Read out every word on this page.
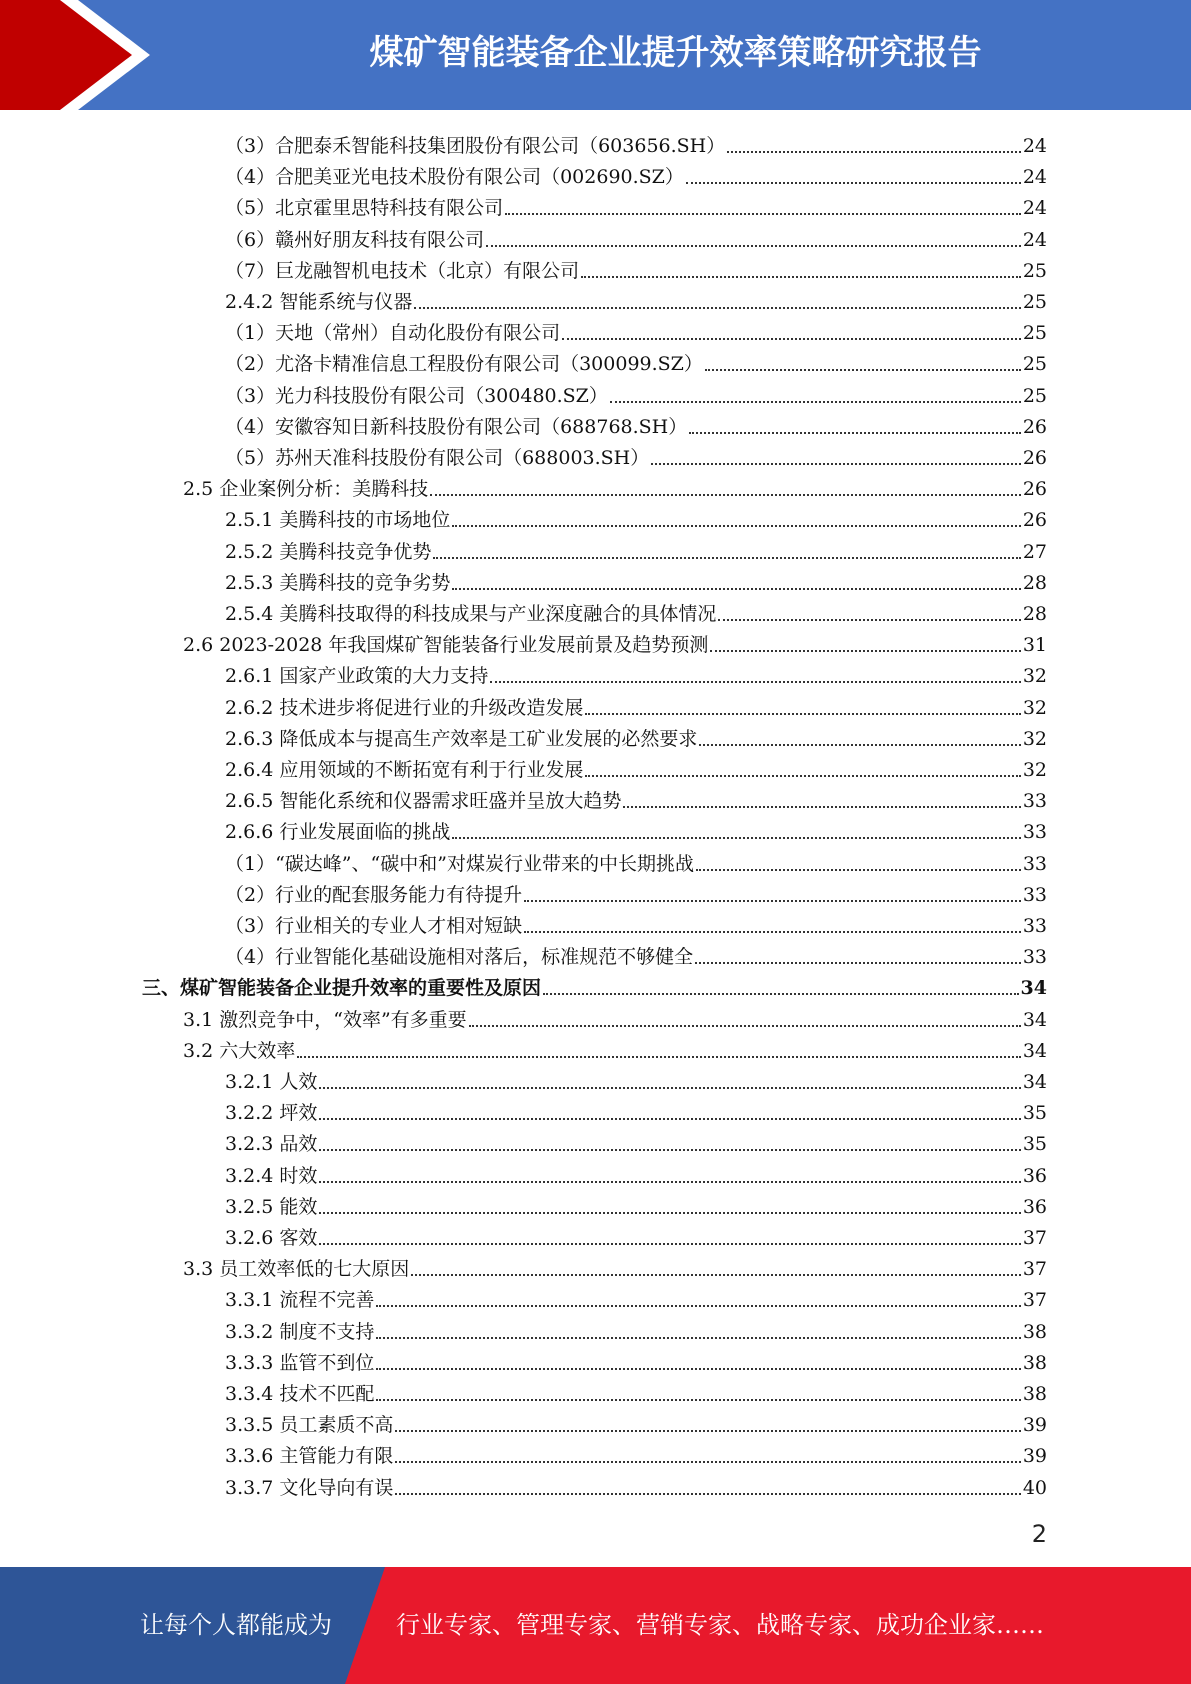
煤矿智能装备企业提升效率策略研究报告
（3）合肥泰禾智能科技集团股份有限公司（603656.SH）	24
（4）合肥美亚光电技术股份有限公司（002690.SZ）	24
（5）北京霍里思特科技有限公司	24
（6）赣州好朋友科技有限公司	24
（7）巨龙融智机电技术（北京）有限公司	25
2.4.2 智能系统与仪器	25
（1）天地（常州）自动化股份有限公司	25
（2）尤洛卡精准信息工程股份有限公司（300099.SZ）	25
（3）光力科技股份有限公司（300480.SZ）	25
（4）安徽容知日新科技股份有限公司（688768.SH）	26
（5）苏州天准科技股份有限公司（688003.SH）	26
2.5 企业案例分析：美腾科技	26
2.5.1 美腾科技的市场地位	26
2.5.2 美腾科技竞争优势	27
2.5.3 美腾科技的竞争劣势	28
2.5.4 美腾科技取得的科技成果与产业深度融合的具体情况	28
2.6 2023-2028 年我国煤矿智能装备行业发展前景及趋势预测	31
2.6.1 国家产业政策的大力支持	32
2.6.2 技术进步将促进行业的升级改造发展	32
2.6.3 降低成本与提高生产效率是工矿业发展的必然要求	32
2.6.4 应用领域的不断拓宽有利于行业发展	32
2.6.5 智能化系统和仪器需求旺盛并呈放大趋势	33
2.6.6 行业发展面临的挑战	33
（1）“碳达峰”、“碳中和”对煤炭行业带来的中长期挑战	33
（2）行业的配套服务能力有待提升	33
（3）行业相关的专业人才相对短缺	33
（4）行业智能化基础设施相对落后，标准规范不够健全	33
三、煤矿智能装备企业提升效率的重要性及原因	34
3.1 激烈竞争中，“效率”有多重要	34
3.2 六大效率	34
3.2.1 人效	34
3.2.2 坪效	35
3.2.3 品效	35
3.2.4 时效	36
3.2.5 能效	36
3.2.6 客效	37
3.3 员工效率低的七大原因	37
3.3.1 流程不完善	37
3.3.2 制度不支持	38
3.3.3 监管不到位	38
3.3.4 技术不匹配	38
3.3.5 员工素质不高	39
3.3.6 主管能力有限	39
3.3.7 文化导向有误	40
2
让每个人都能成为	行业专家、管理专家、营销专家、战略专家、成功企业家……
